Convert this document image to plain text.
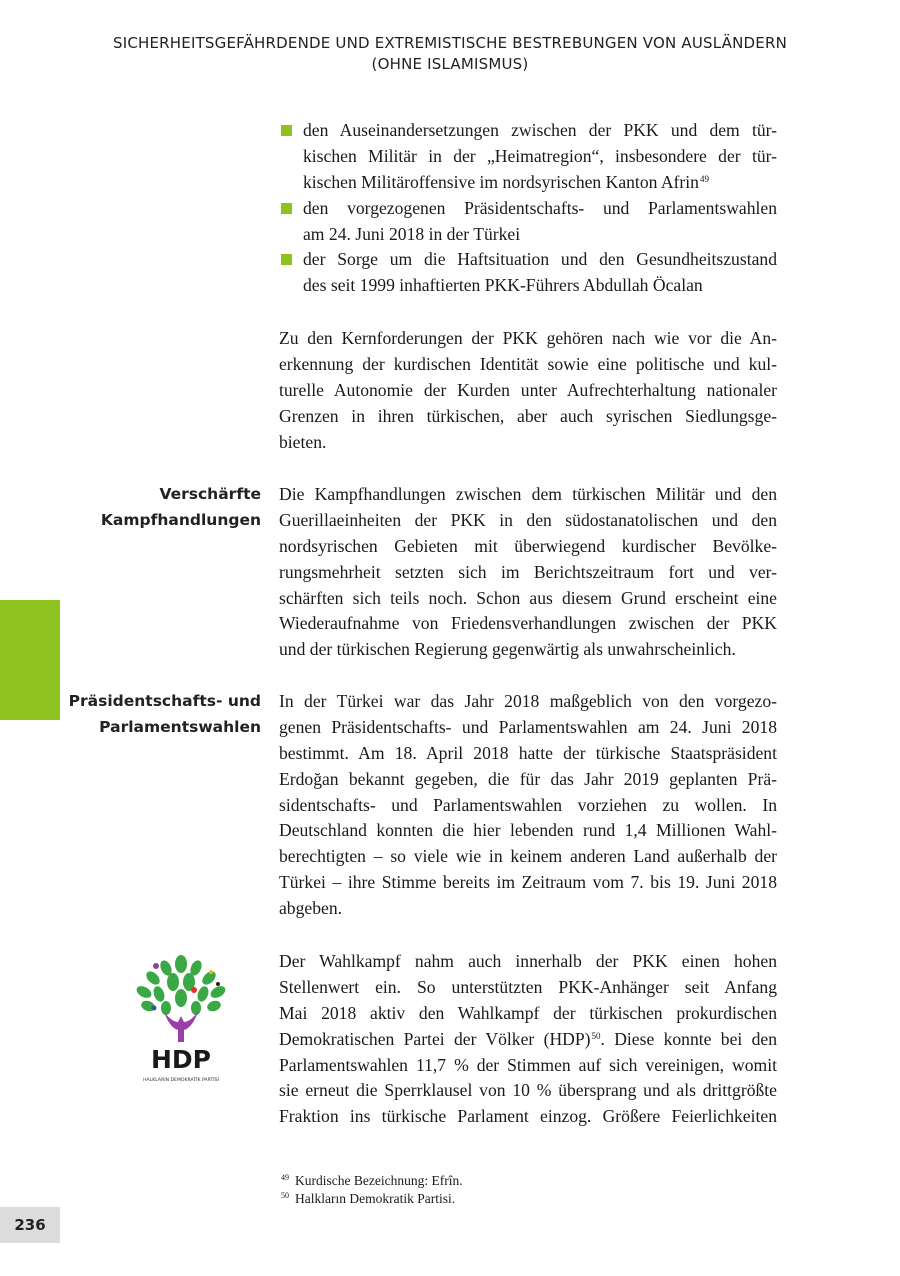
SICHERHEITSGEFÄHRDENDE UND EXTREMISTISCHE BESTREBUNGEN VON AUSLÄNDERN
(OHNE ISLAMISMUS)
236
den Auseinandersetzungen zwischen der PKK und dem tür-
kischen Militär in der „Heimatregion“, insbesondere der tür-
kischen Militäroffensive im nordsyrischen Kanton Afrin$^{49}$
den vorgezogenen Präsidentschafts- und Parlamentswahlen
am 24. Juni 2018 in der Türkei
der Sorge um die Haftsituation und den Gesundheitszustand
des seit 1999 inhaftierten PKK-Führers Abdullah Öcalan
Zu den Kernforderungen der PKK gehören nach wie vor die An-
erkennung der kurdischen Identität sowie eine politische und kul-
turelle Autonomie der Kurden unter Aufrechterhaltung nationaler
Grenzen in ihren türkischen, aber auch syrischen Siedlungsge-
bieten.
Die Kampfhandlungen zwischen dem türkischen Militär und den
Guerillaeinheiten der PKK in den südostanatolischen und den
nordsyrischen Gebieten mit überwiegend kurdischer Bevölke-
rungsmehrheit setzten sich im Berichtszeitraum fort und ver-
schärften sich teils noch. Schon aus diesem Grund erscheint eine
Wiederaufnahme von Friedensverhandlungen zwischen der PKK
und der türkischen Regierung gegenwärtig als unwahrscheinlich.
In der Türkei war das Jahr 2018 maßgeblich von den vorgezo-
genen Präsidentschafts- und Parlamentswahlen am 24. Juni 2018
bestimmt. Am 18. April 2018 hatte der türkische Staatspräsident
Erdoğan bekannt gegeben, die für das Jahr 2019 geplanten Prä-
sidentschafts- und Parlamentswahlen vorziehen zu wollen. In
Deutschland konnten die hier lebenden rund 1,4 Millionen Wahl-
berechtigten – so viele wie in keinem anderen Land außerhalb der
Türkei – ihre Stimme bereits im Zeitraum vom 7. bis 19. Juni 2018
abgeben.
Der Wahlkampf nahm auch innerhalb der PKK einen hohen
Stellenwert ein. So unterstützten PKK-Anhänger seit Anfang
Mai 2018 aktiv den Wahlkampf der türkischen prokurdischen
Demokratischen Partei der Völker (HDP)$^{50}$. Diese konnte bei den
Parlamentswahlen 11,7 % der Stimmen auf sich vereinigen, womit
sie erneut die Sperrklausel von 10 % übersprang und als drittgrößte
Fraktion ins türkische Parlament einzog. Größere Feierlichkeiten
Verschärfte
Kampfhandlungen
Präsidentschafts- und
Parlamentswahlen
HDP
HALKLARIN DEMOKRATİK PARTİSİ
$^{49}$ Kurdische Bezeichnung: Efrîn.
$^{50}$ Halkların Demokratik Partisi.
